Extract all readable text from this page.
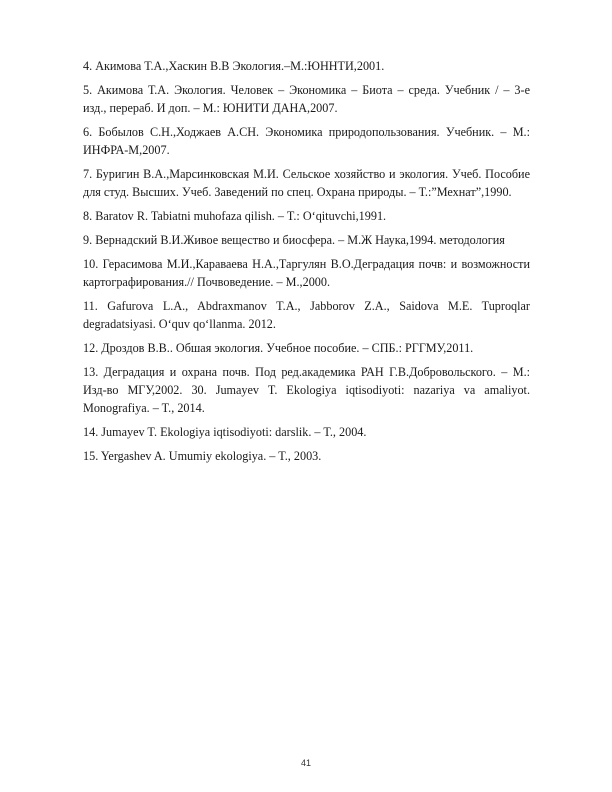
4. Акимова Т.А.,Хаскин В.В Экология.–М.:ЮННТИ,2001.

5. Акимова Т.А. Экология. Человек – Экономика – Биота – среда. Учебник / – 3-е изд., перераб. И доп. – М.: ЮНИТИ ДАНА,2007.

6. Бобылов С.Н.,Ходжаев А.СН. Экономика природопользования. Учебник. – М.: ИНФРА-М,2007.

7. Буригин В.А.,Марсинковская М.И. Сельское хозяйство и экология. Учеб. Пособие для студ. Высших. Учеб. Заведений по спец. Охрана природы. – Т.:”Мехнат”,1990.

8. Baratov R. Tabiatni muhofaza qilish. – T.: O‘qituvchi,1991.

9. Вернадский В.И.Живое вещество и биосфера. – М.Ж Наука,1994. методология

10. Герасимова М.И.,Караваева Н.А.,Таргулян В.О.Деградация почв: и возможности картографирования.// Почвоведение. – М.,2000.

11. Gafurova L.A., Abdraxmanov T.A., Jabborov Z.A., Saidova M.E. Tuproqlar degradatsiyasi. O‘quv qo‘llanma. 2012.

12. Дроздов В.В.. Обшая экология. Учебное пособие. – СПБ.: РГГМУ,2011.

13. Деградация и охрана почв. Под ред.академика РАН Г.В.Добровольского. – М.: Изд-во МГУ,2002. 30. Jumayev T. Ekologiya iqtisodiyoti: nazariya va amaliyot. Monografiya. – T., 2014.

14. Jumayev T. Ekologiya iqtisodiyoti: darslik. – T., 2004.

15. Yergashev A. Umumiy ekologiya. – T., 2003.

41
